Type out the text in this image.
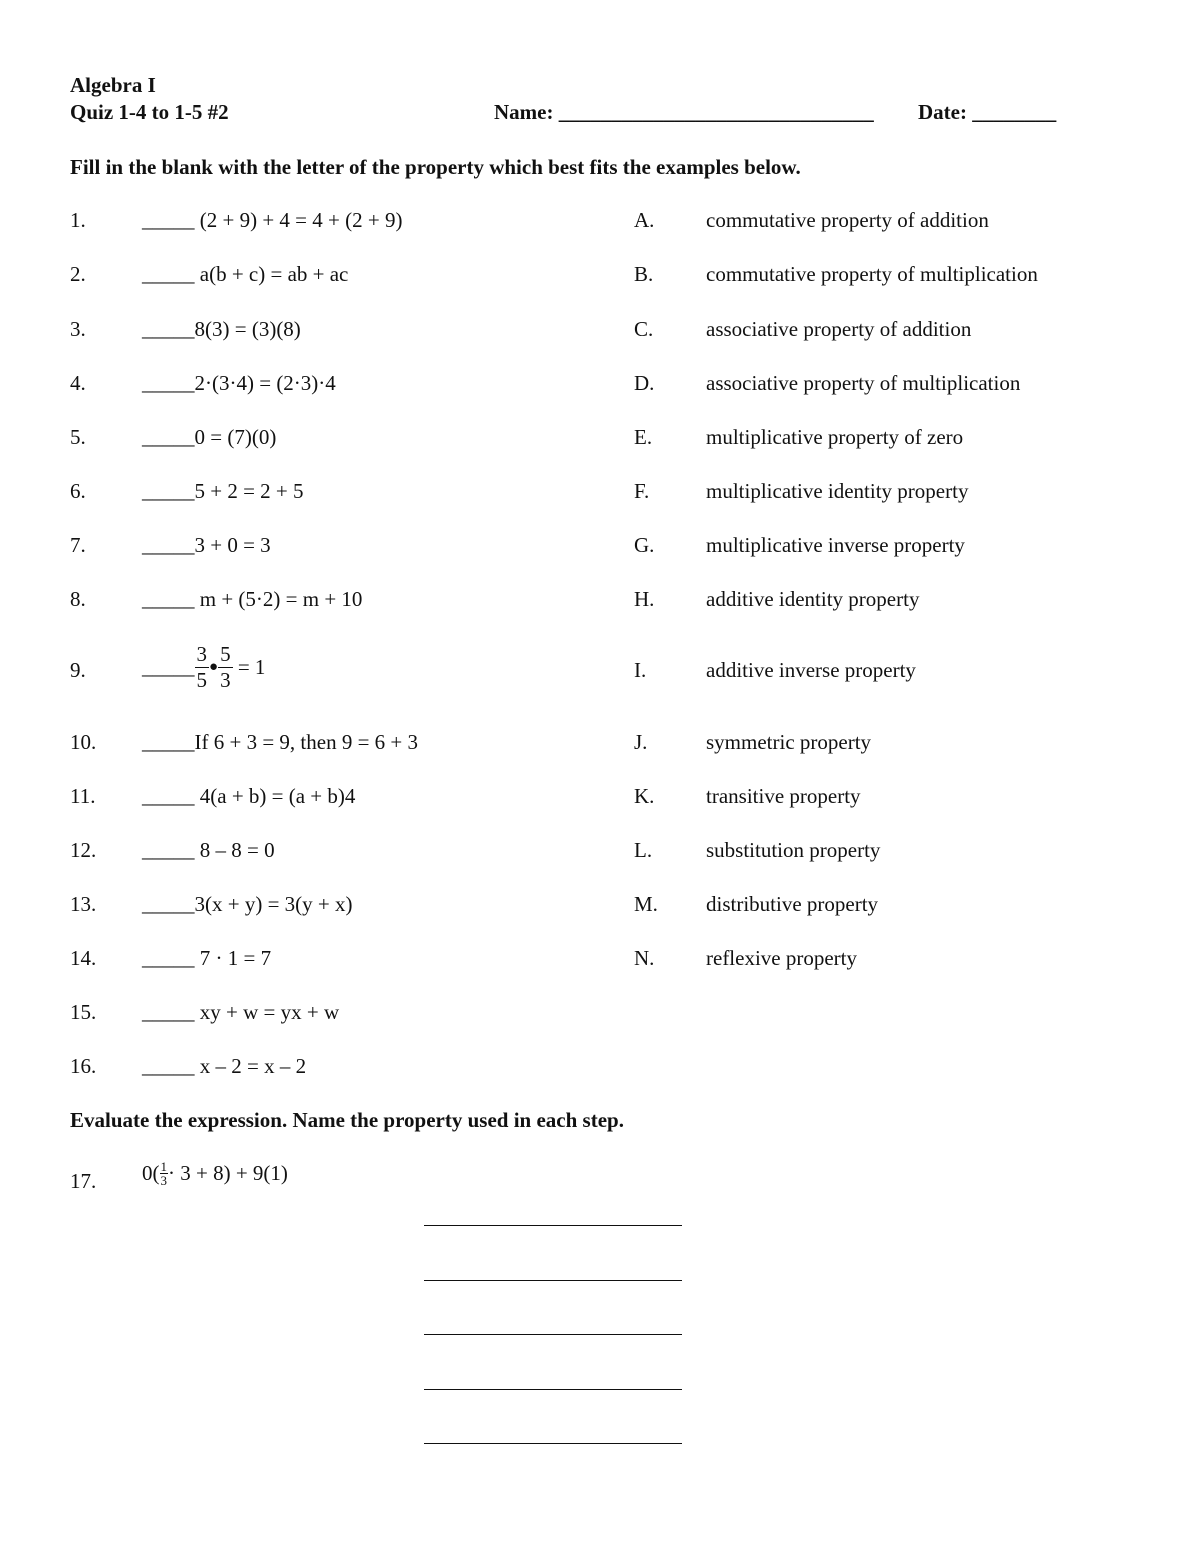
Algebra I
Quiz 1-4 to 1-5 #2	Name: ______________________________ Date: ________
Fill in the blank with the letter of the property which best fits the examples below.
1.	_____ (2 + 9) + 4 = 4 + (2 + 9)
2.	_____ a(b + c) = ab + ac
3.	_____8(3) = (3)(8)
4.	_____2·(3·4) = (2·3)·4
5.	_____0 = (7)(0)
6.	_____5 + 2 = 2 + 5
7.	_____3 + 0 = 3
8.	_____ m + (5·2) = m + 10
9.	_____ $\frac{3}{5}$ ● $\frac{5}{3} = 1$
10. _____If 6 + 3 = 9, then 9 = 6 + 3
11. _____ 4(a + b) = (a + b)4
12. _____ 8 – 8 = 0
13. _____3(x + y) = 3(y + x)
14. _____ 7 · 1 = 7
15. _____ xy + w = yx + w
16. _____ x – 2 = x – 2
A. commutative property of addition
B.	commutative property of multiplication
C.	associative property of addition
D. associative property of multiplication
E.	multiplicative property of zero
F.	multiplicative identity property
G. multiplicative inverse property
H. additive identity property
I.	additive inverse property
J.	symmetric property
K. transitive property
L.	substitution property
M. distributive property
N. reflexive property
Evaluate the expression. Name the property used in each step.
17. $0( \frac{1}{3} \cdot 3 + 8) + 9(1)$
